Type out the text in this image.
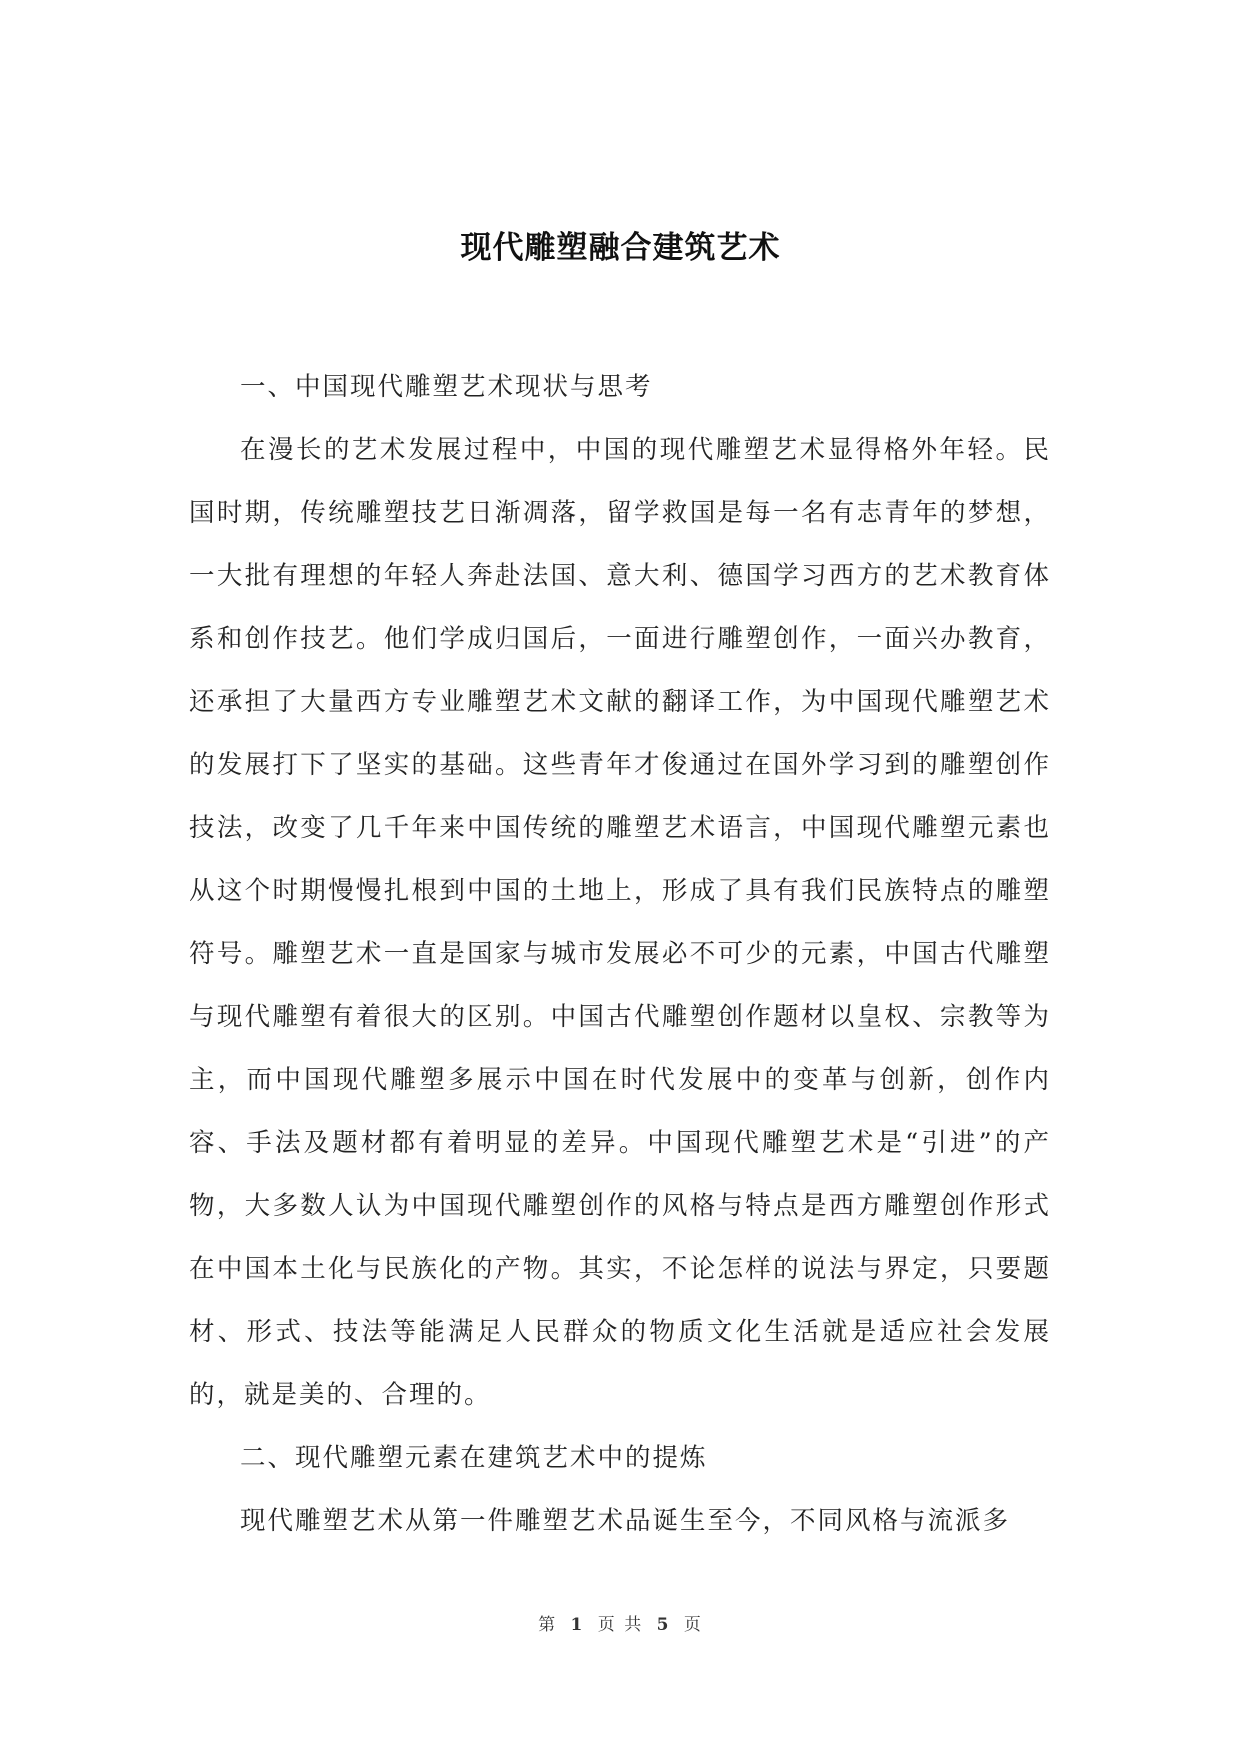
现代雕塑融合建筑艺术

一、中国现代雕塑艺术现状与思考

在漫长的艺术发展过程中，中国的现代雕塑艺术显得格外年轻。民国时期，传统雕塑技艺日渐凋落，留学救国是每一名有志青年的梦想，一大批有理想的年轻人奔赴法国、意大利、德国学习西方的艺术教育体系和创作技艺。他们学成归国后，一面进行雕塑创作，一面兴办教育，还承担了大量西方专业雕塑艺术文献的翻译工作，为中国现代雕塑艺术的发展打下了坚实的基础。这些青年才俊通过在国外学习到的雕塑创作技法，改变了几千年来中国传统的雕塑艺术语言，中国现代雕塑元素也从这个时期慢慢扎根到中国的土地上，形成了具有我们民族特点的雕塑符号。雕塑艺术一直是国家与城市发展必不可少的元素，中国古代雕塑与现代雕塑有着很大的区别。中国古代雕塑创作题材以皇权、宗教等为主，而中国现代雕塑多展示中国在时代发展中的变革与创新，创作内容、手法及题材都有着明显的差异。中国现代雕塑艺术是“引进”的产物，大多数人认为中国现代雕塑创作的风格与特点是西方雕塑创作形式在中国本土化与民族化的产物。其实，不论怎样的说法与界定，只要题材、形式、技法等能满足人民群众的物质文化生活就是适应社会发展的，就是美的、合理的。

二、现代雕塑元素在建筑艺术中的提炼

现代雕塑艺术从第一件雕塑艺术品诞生至今，不同风格与流派多

第 1 页 共 5 页
